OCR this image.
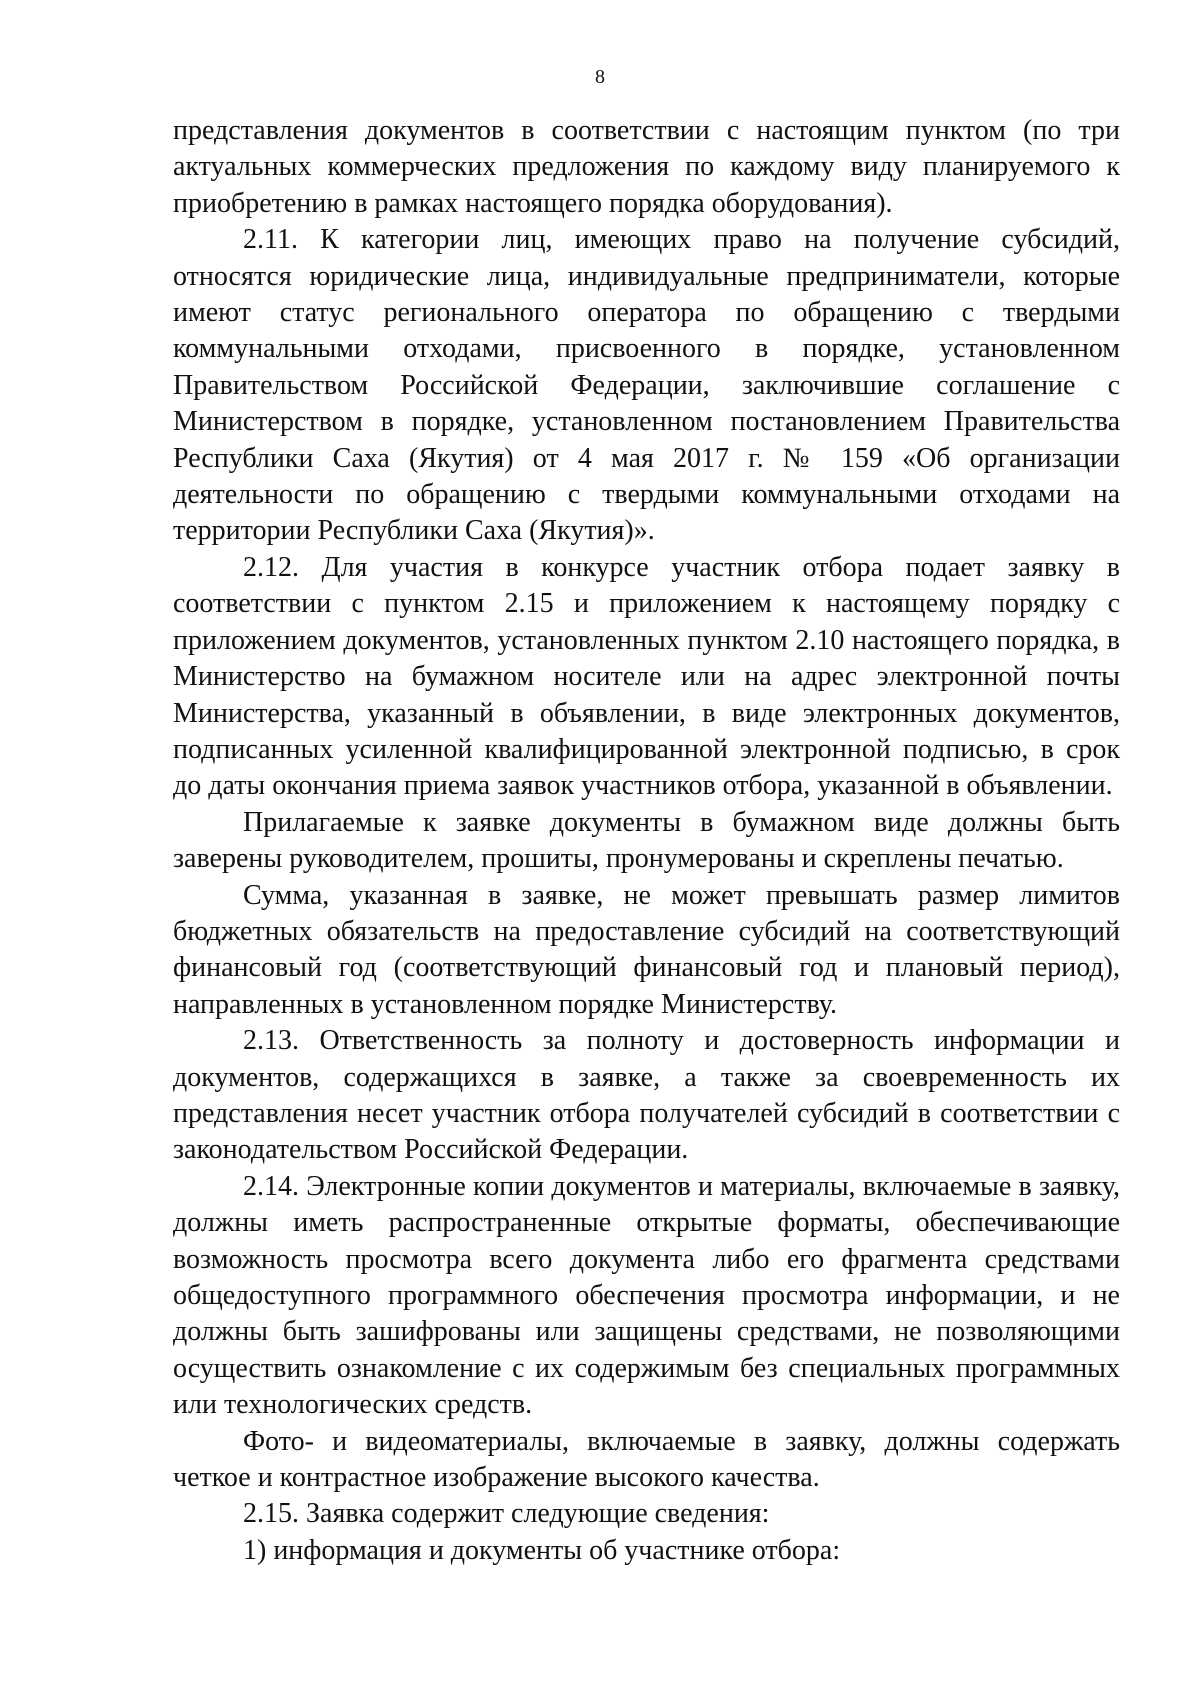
8

представления документов в соответствии с настоящим пунктом (по три актуальных коммерческих предложения по каждому виду планируемого к приобретению в рамках настоящего порядка оборудования).

2.11. К категории лиц, имеющих право на получение субсидий, относятся юридические лица, индивидуальные предприниматели, которые имеют статус регионального оператора по обращению с твердыми коммунальными отходами, присвоенного в порядке, установленном Правительством Российской Федерации, заключившие соглашение с Министерством в порядке, установленном постановлением Правительства Республики Саха (Якутия) от 4 мая 2017 г. № 159 «Об организации деятельности по обращению с твердыми коммунальными отходами на территории Республики Саха (Якутия)».

2.12. Для участия в конкурсе участник отбора подает заявку в соответствии с пунктом 2.15 и приложением к настоящему порядку с приложением документов, установленных пунктом 2.10 настоящего порядка, в Министерство на бумажном носителе или на адрес электронной почты Министерства, указанный в объявлении, в виде электронных документов, подписанных усиленной квалифицированной электронной подписью, в срок до даты окончания приема заявок участников отбора, указанной в объявлении.

Прилагаемые к заявке документы в бумажном виде должны быть заверены руководителем, прошиты, пронумерованы и скреплены печатью.

Сумма, указанная в заявке, не может превышать размер лимитов бюджетных обязательств на предоставление субсидий на соответствующий финансовый год (соответствующий финансовый год и плановый период), направленных в установленном порядке Министерству.

2.13. Ответственность за полноту и достоверность информации и документов, содержащихся в заявке, а также за своевременность их представления несет участник отбора получателей субсидий в соответствии с законодательством Российской Федерации.

2.14. Электронные копии документов и материалы, включаемые в заявку, должны иметь распространенные открытые форматы, обеспечивающие возможность просмотра всего документа либо его фрагмента средствами общедоступного программного обеспечения просмотра информации, и не должны быть зашифрованы или защищены средствами, не позволяющими осуществить ознакомление с их содержимым без специальных программных или технологических средств.

Фото- и видеоматериалы, включаемые в заявку, должны содержать четкое и контрастное изображение высокого качества.

2.15. Заявка содержит следующие сведения:

1) информация и документы об участнике отбора:
